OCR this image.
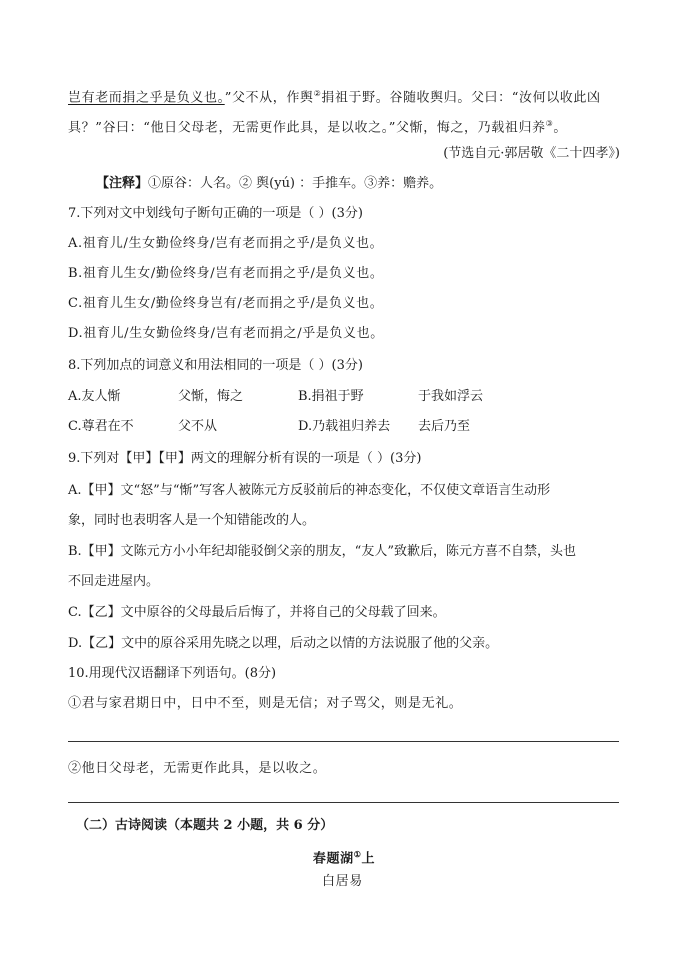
岂有老而捐之乎是负义也。”父不从，作舆②捐祖于野。谷随收舆归。父曰：“汝何以收此凶
具？”谷曰：“他日父母老，无需更作此具，是以收之。”父惭，悔之，乃载祖归养③。
(节选自元·郭居敬《二十四孝》)
【注释】①原谷：人名。② 舆(yú) ：手推车。③养：赡养。
7.下列对文中划线句子断句正确的一项是（ ）(3分)
A.祖育儿/生女勤俭终身/岂有老而捐之乎/是负义也。
B.祖育儿生女/勤俭终身/岂有老而捐之乎/是负义也。
C.祖育儿生女/勤俭终身岂有/老而捐之乎/是负义也。
D.祖育儿/生女勤俭终身/岂有老而捐之/乎是负义也。
8.下列加点的词意义和用法相同的一项是（ ）(3分)
A.友人惭	父惭，悔之	B.捐祖于野	于我如浮云
C.尊君在不	父不从	D.乃载祖归养去 去后乃至
9.下列对【甲】【甲】两文的理解分析有误的一项是（ ）(3分)
A.【甲】文“怒”与“惭”写客人被陈元方反驳前后的神态变化，不仅使文章语言生动形
象，同时也表明客人是一个知错能改的人。
B.【甲】文陈元方小小年纪却能驳倒父亲的朋友，“友人”致歉后，陈元方喜不自禁，头也
不回走进屋内。
C.【乙】文中原谷的父母最后后悔了，并将自己的父母载了回来。
D.【乙】文中的原谷采用先晓之以理，后动之以情的方法说服了他的父亲。
10.用现代汉语翻译下列语句。(8分)
①君与家君期日中，日中不至，则是无信；对子骂父，则是无礼。
②他日父母老，无需更作此具，是以收之。
（二）古诗阅读（本题共 2 小题，共 6 分）
春题湖①上
白居易
